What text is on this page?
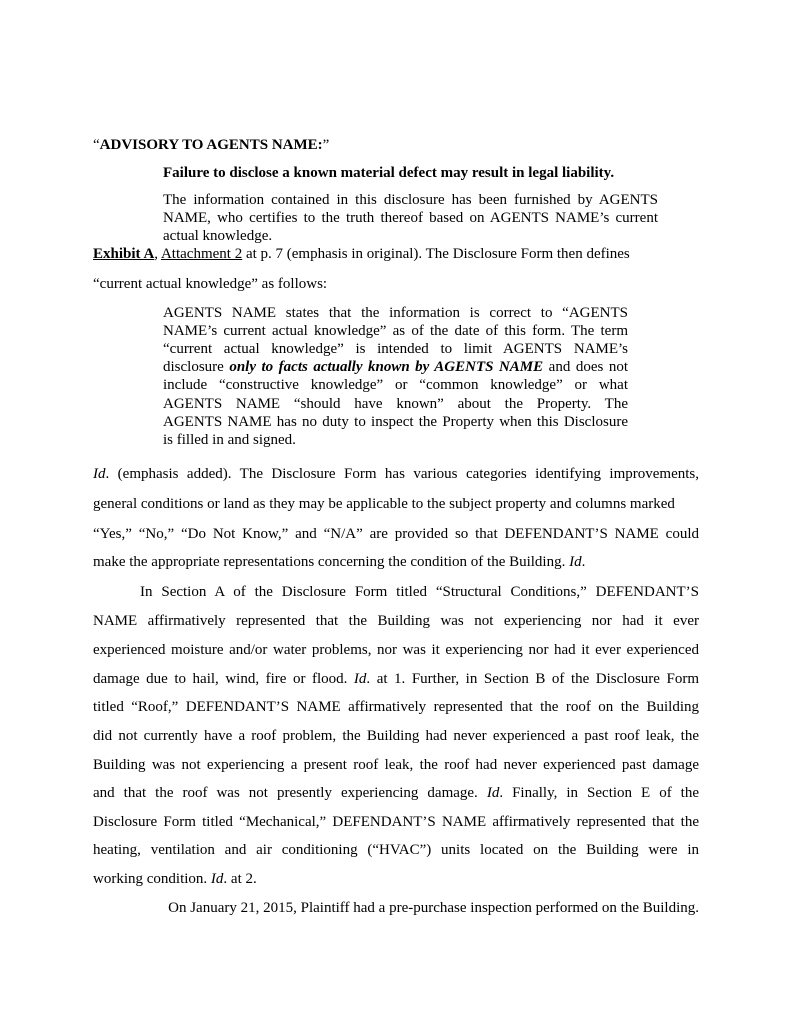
“ADVISORY TO AGENTS NAME:”
Failure to disclose a known material defect may result in legal liability.
The information contained in this disclosure has been furnished by AGENTS
NAME, who certifies to the truth thereof based on AGENTS NAME’s current
actual knowledge.
Exhibit A, Attachment 2 at p. 7 (emphasis in original). The Disclosure Form then defines
“current actual knowledge” as follows:
AGENTS NAME states that the information is correct to “AGENTS
NAME’s current actual knowledge” as of the date of this form. The term
“current actual knowledge” is intended to limit AGENTS NAME’s
disclosure only to facts actually known by AGENTS NAME and does not
include “constructive knowledge” or “common knowledge” or what
AGENTS NAME “should have known” about the Property. The
AGENTS NAME has no duty to inspect the Property when this Disclosure
is filled in and signed.
Id. (emphasis added). The Disclosure Form has various categories identifying improvements,
general conditions or land as they may be applicable to the subject property and columns marked
“Yes,” “No,” “Do Not Know,” and “N/A” are provided so that DEFENDANT’S NAME could
make the appropriate representations concerning the condition of the Building. Id.
In Section A of the Disclosure Form titled “Structural Conditions,” DEFENDANT’S
NAME affirmatively represented that the Building was not experiencing nor had it ever
experienced moisture and/or water problems, nor was it experiencing nor had it ever experienced
damage due to hail, wind, fire or flood. Id. at 1. Further, in Section B of the Disclosure Form
titled “Roof,” DEFENDANT’S NAME affirmatively represented that the roof on the Building
did not currently have a roof problem, the Building had never experienced a past roof leak, the
Building was not experiencing a present roof leak, the roof had never experienced past damage
and that the roof was not presently experiencing damage. Id. Finally, in Section E of the
Disclosure Form titled “Mechanical,” DEFENDANT’S NAME affirmatively represented that the
heating, ventilation and air conditioning (“HVAC”) units located on the Building were in
working condition. Id. at 2.
On January 21, 2015, Plaintiff had a pre-purchase inspection performed on the Building.
